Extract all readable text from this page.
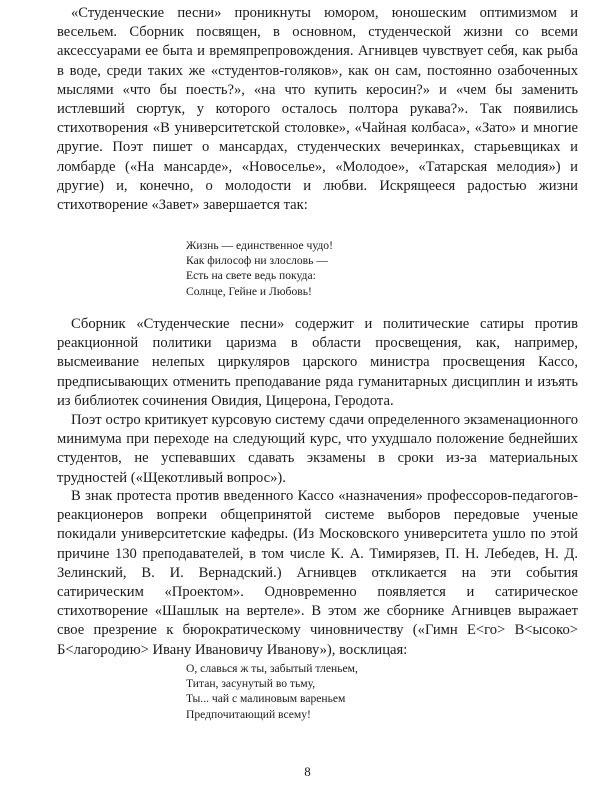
«Студенческие песни» проникнуты юмором, юношеским оптимизмом и весельем. Сборник посвящен, в основном, студенческой жизни со всеми аксессуарами ее быта и времяпрепровождения. Агнивцев чувствует себя, как рыба в воде, среди таких же «студентов-голяков», как он сам, постоянно озабоченных мыслями «что бы поесть?», «на что купить керосин?» и «чем бы заменить истлевший сюртук, у которого осталось полтора рукава?». Так появились стихотворения «В университетской столовке», «Чайная колбаса», «Зато» и многие другие. Поэт пишет о мансардах, студенческих вечеринках, старьевщиках и ломбарде («На мансарде», «Новоселье», «Молодое», «Татарская мелодия») и другие) и, конечно, о молодости и любви. Искрящееся радостью жизни стихотворение «Завет» завершается так:

Жизнь — единственное чудо!
Как философ ни злословь —
Есть на свете ведь покуда:
Солнце, Гейне и Любовь!

Сборник «Студенческие песни» содержит и политические сатиры против реакционной политики царизма в области просвещения, как, например, высмеивание нелепых циркуляров царского министра просвещения Кассо, предписывающих отменить преподавание ряда гуманитарных дисциплин и изъять из библиотек сочинения Овидия, Цицерона, Геродота.

Поэт остро критикует курсовую систему сдачи определенного экзаменационного минимума при переходе на следующий курс, что ухудшало положение беднейших студентов, не успевавших сдавать экзамены в сроки из-за материальных трудностей («Щекотливый вопрос»).

В знак протеста против введенного Кассо «назначения» профессоров-педагогов-реакционеров вопреки общепринятой системе выборов передовые ученые покидали университетские кафедры. (Из Московского университета ушло по этой причине 130 преподавателей, в том числе К. А. Тимирязев, П. Н. Лебедев, Н. Д. Зелинский, В. И. Вернадский.) Агнивцев откликается на эти события сатирическим «Проектом». Одновременно появляется и сатирическое стихотворение «Шашлык на вертеле». В этом же сборнике Агнивцев выражает свое презрение к бюрократическому чиновничеству («Гимн Е<го> В<ысоко> Б<лагородию> Ивану Ивановичу Иванову»), восклицая:

О, славься ж ты, забытый тленьем,
Титан, засунутый во тьму,
Ты... чай с малиновым вареньем
Предпочитающий всему!
8
